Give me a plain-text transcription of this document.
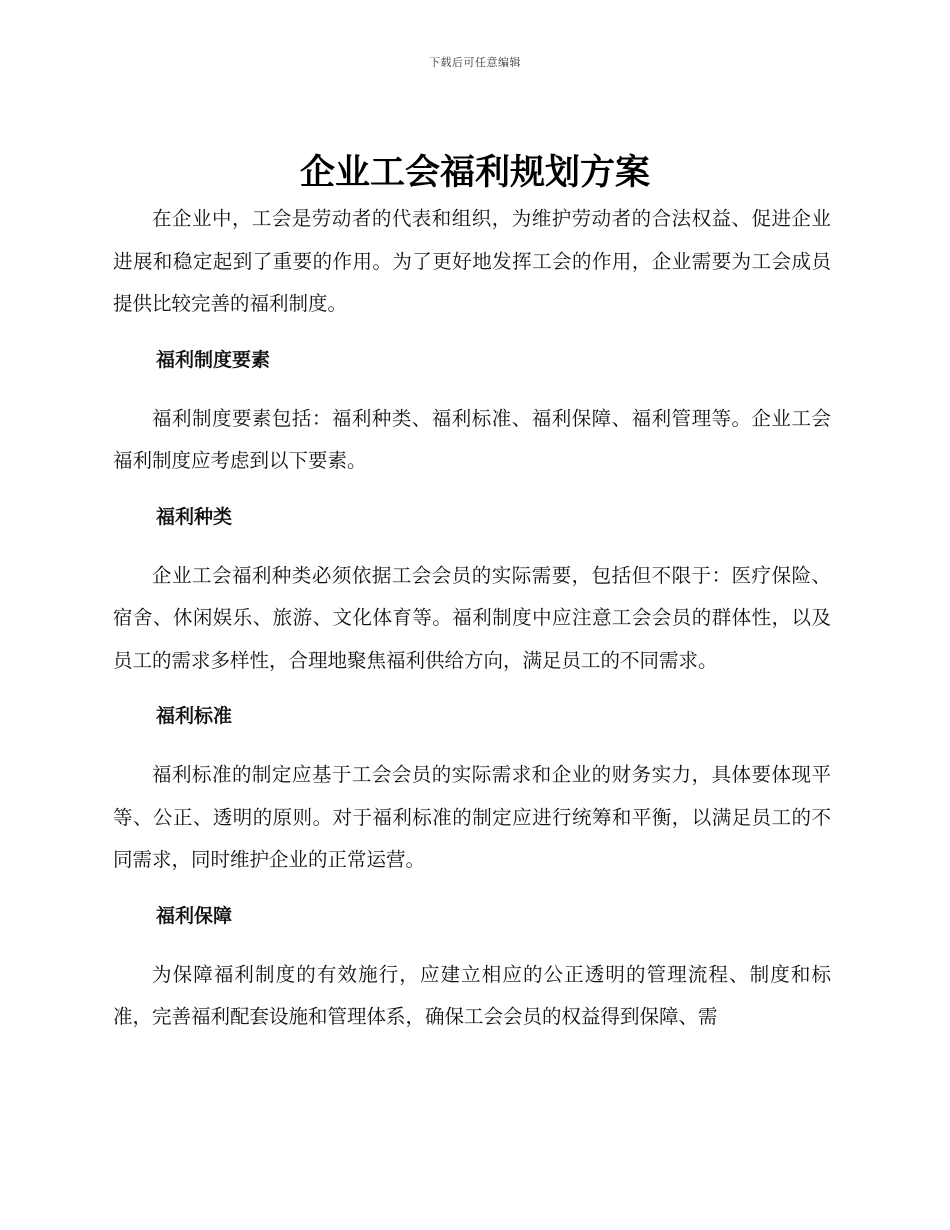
下载后可任意编辑
企业工会福利规划方案

在企业中，工会是劳动者的代表和组织，为维护劳动者的合法权益、促进企业进展和稳定起到了重要的作用。为了更好地发挥工会的作用，企业需要为工会成员提供比较完善的福利制度。

福利制度要素

福利制度要素包括：福利种类、福利标准、福利保障、福利管理等。企业工会福利制度应考虑到以下要素。

福利种类

企业工会福利种类必须依据工会会员的实际需要，包括但不限于：医疗保险、宿舍、休闲娱乐、旅游、文化体育等。福利制度中应注意工会会员的群体性，以及员工的需求多样性，合理地聚焦福利供给方向，满足员工的不同需求。

福利标准

福利标准的制定应基于工会会员的实际需求和企业的财务实力，具体要体现平等、公正、透明的原则。对于福利标准的制定应进行统筹和平衡，以满足员工的不同需求，同时维护企业的正常运营。

福利保障

为保障福利制度的有效施行，应建立相应的公正透明的管理流程、制度和标准，完善福利配套设施和管理体系，确保工会会员的权益得到保障、需
